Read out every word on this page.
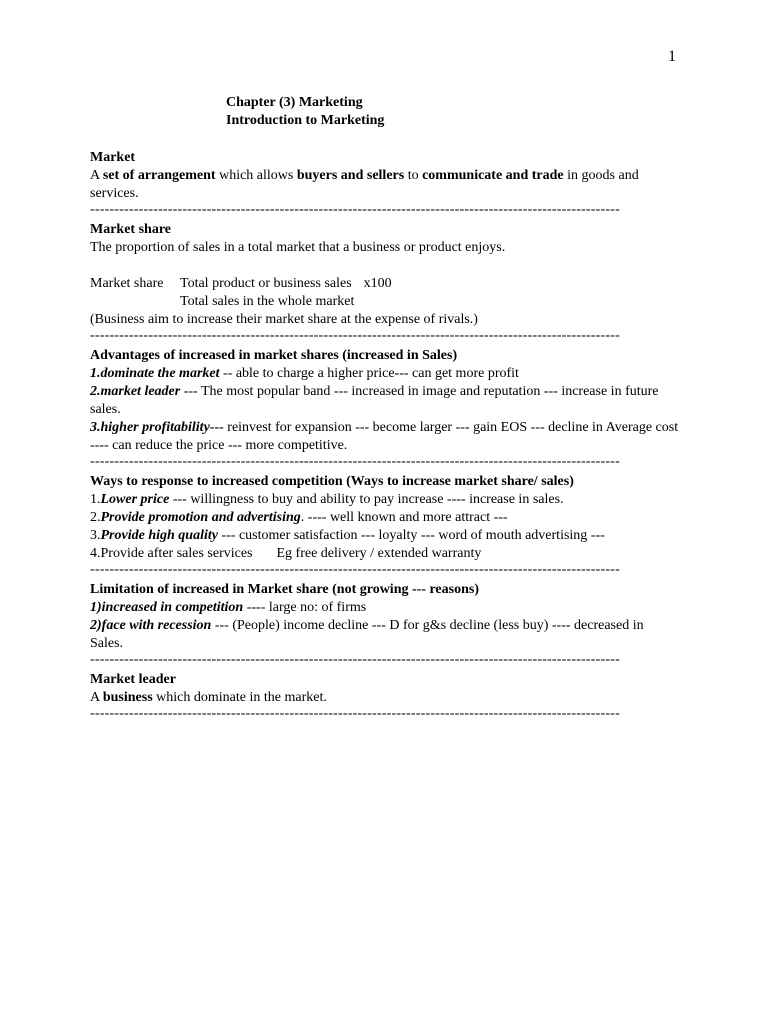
1
Chapter (3) Marketing
Introduction to Marketing
Market
A set of arrangement which allows buyers and sellers to communicate and trade in goods and services.
-------------------------------------------------------------------------------------------------------------
Market share
The proportion of sales in a total market that a business or product enjoys.
Market share Total product or business sales x100
Total sales in the whole market
(Business aim to increase their market share at the expense of rivals.)
-------------------------------------------------------------------------------------------------------------
Advantages of increased in market shares (increased in Sales)
1.dominate the market -- able to charge a higher price--- can get more profit
2.market leader --- The most popular band --- increased in image and reputation --- increase in future sales.
3.higher profitability--- reinvest for expansion --- become larger --- gain EOS --- decline in Average cost ---- can reduce the price --- more competitive.
-------------------------------------------------------------------------------------------------------------
Ways to response to increased competition (Ways to increase market share/ sales)
1.Lower price --- willingness to buy and ability to pay increase ---- increase in sales.
2.Provide promotion and advertising. ---- well known and more attract ---
3.Provide high quality --- customer satisfaction --- loyalty --- word of mouth advertising ---
4.Provide after sales services Eg free delivery / extended warranty
-------------------------------------------------------------------------------------------------------------
Limitation of increased in Market share (not growing --- reasons)
1)increased in competition ---- large no: of firms
2)face with recession --- (People) income decline --- D for g&s decline (less buy) ---- decreased in Sales.
-------------------------------------------------------------------------------------------------------------
Market leader
A business which dominate in the market.
-------------------------------------------------------------------------------------------------------------
